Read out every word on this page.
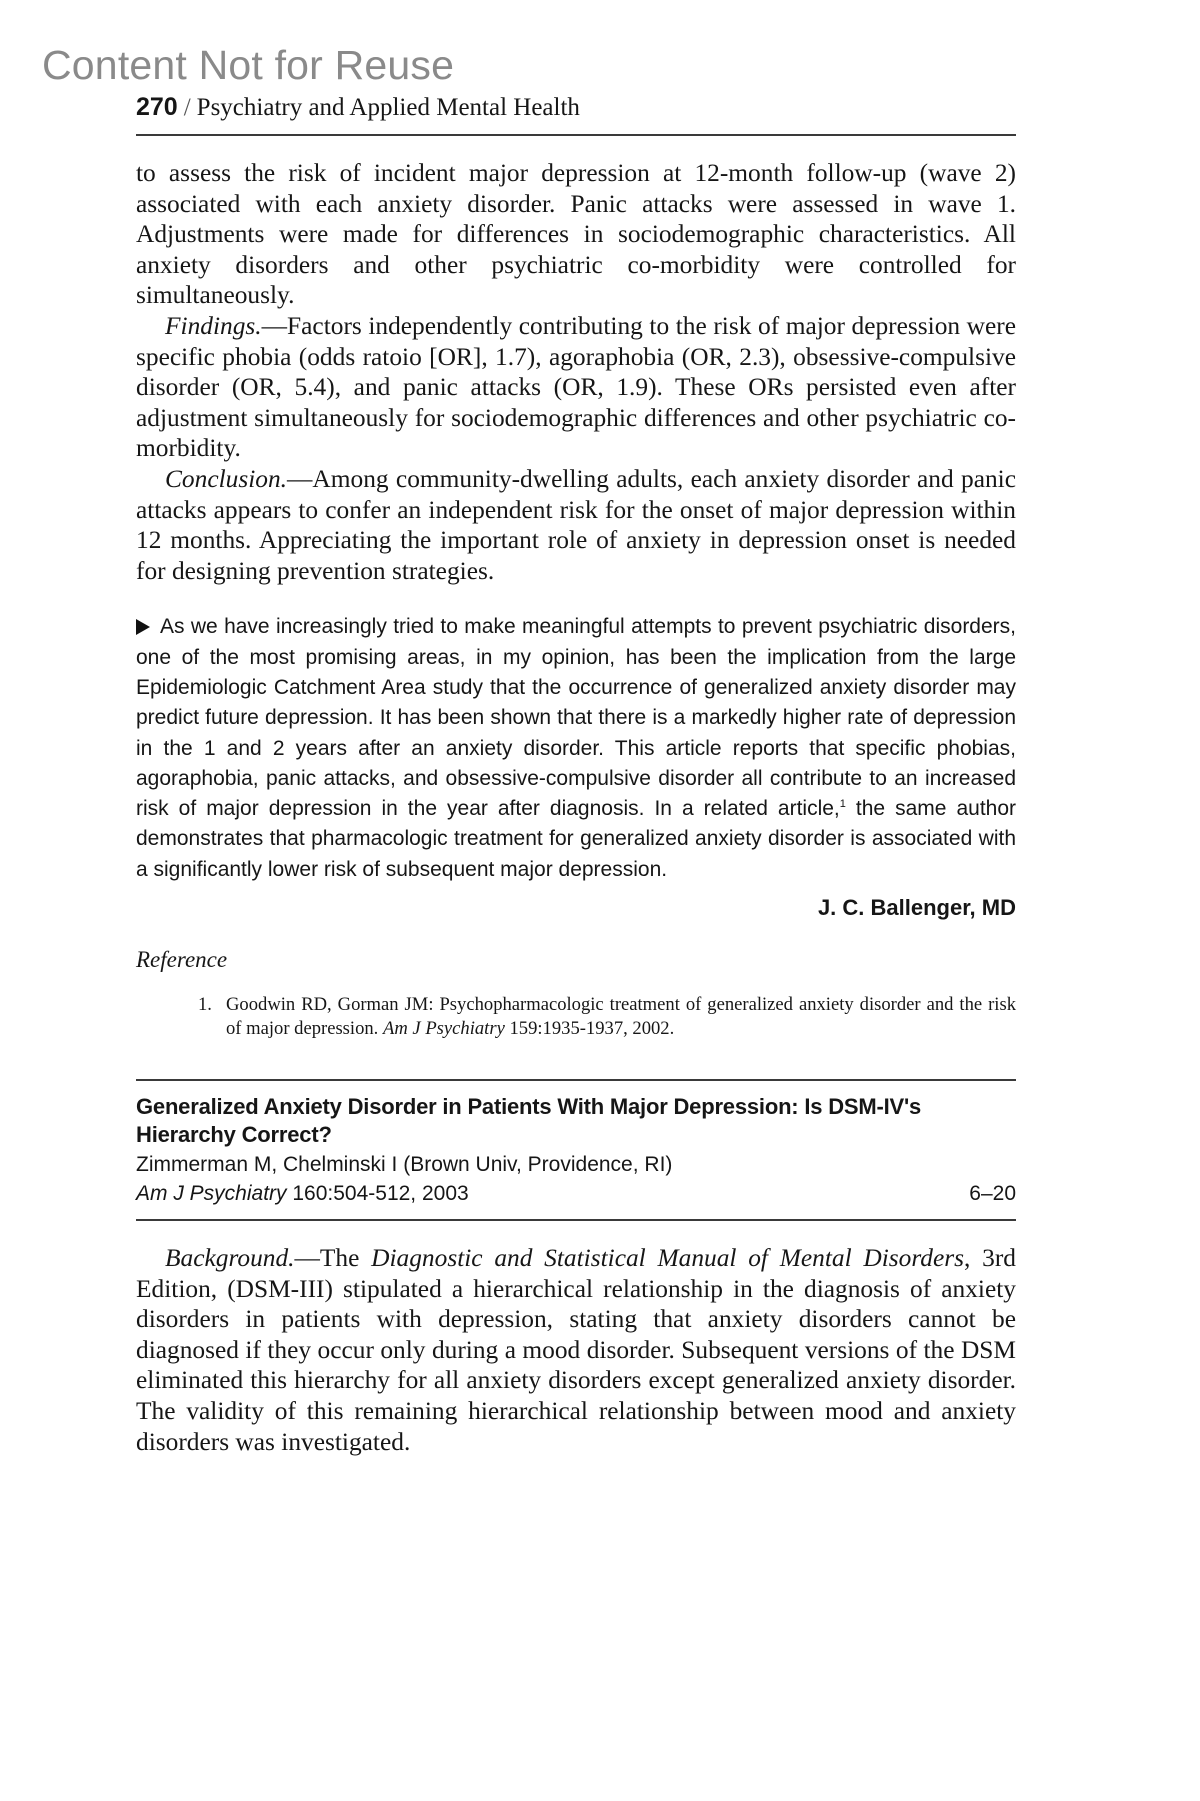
Content Not for Reuse
270 / Psychiatry and Applied Mental Health

to assess the risk of incident major depression at 12-month follow-up (wave 2) associated with each anxiety disorder. Panic attacks were assessed in wave 1. Adjustments were made for differences in sociodemographic characteristics. All anxiety disorders and other psychiatric co-morbidity were controlled for simultaneously.

Findings.—Factors independently contributing to the risk of major depression were specific phobia (odds ratoio [OR], 1.7), agoraphobia (OR, 2.3), obsessive-compulsive disorder (OR, 5.4), and panic attacks (OR, 1.9). These ORs persisted even after adjustment simultaneously for sociodemographic differences and other psychiatric co-morbidity.

Conclusion.—Among community-dwelling adults, each anxiety disorder and panic attacks appears to confer an independent risk for the onset of major depression within 12 months. Appreciating the important role of anxiety in depression onset is needed for designing prevention strategies.

As we have increasingly tried to make meaningful attempts to prevent psychiatric disorders, one of the most promising areas, in my opinion, has been the implication from the large Epidemiologic Catchment Area study that the occurrence of generalized anxiety disorder may predict future depression. It has been shown that there is a markedly higher rate of depression in the 1 and 2 years after an anxiety disorder. This article reports that specific phobias, agoraphobia, panic attacks, and obsessive-compulsive disorder all contribute to an increased risk of major depression in the year after diagnosis. In a related article,$^1$ the same author demonstrates that pharmacologic treatment for generalized anxiety disorder is associated with a significantly lower risk of subsequent major depression.
J. C. Ballenger, MD
Reference
1. Goodwin RD, Gorman JM: Psychopharmacologic treatment of generalized anxiety disorder and the risk of major depression. Am J Psychiatry 159:1935-1937, 2002.
Generalized Anxiety Disorder in Patients With Major Depression: Is DSM-IV's Hierarchy Correct?
Zimmerman M, Chelminski I (Brown Univ, Providence, RI)
Am J Psychiatry 160:504-512, 2003	6–20

Background.—The Diagnostic and Statistical Manual of Mental Disorders, 3rd Edition, (DSM-III) stipulated a hierarchical relationship in the diagnosis of anxiety disorders in patients with depression, stating that anxiety disorders cannot be diagnosed if they occur only during a mood disorder. Subsequent versions of the DSM eliminated this hierarchy for all anxiety disorders except generalized anxiety disorder. The validity of this remaining hierarchical relationship between mood and anxiety disorders was investigated.
